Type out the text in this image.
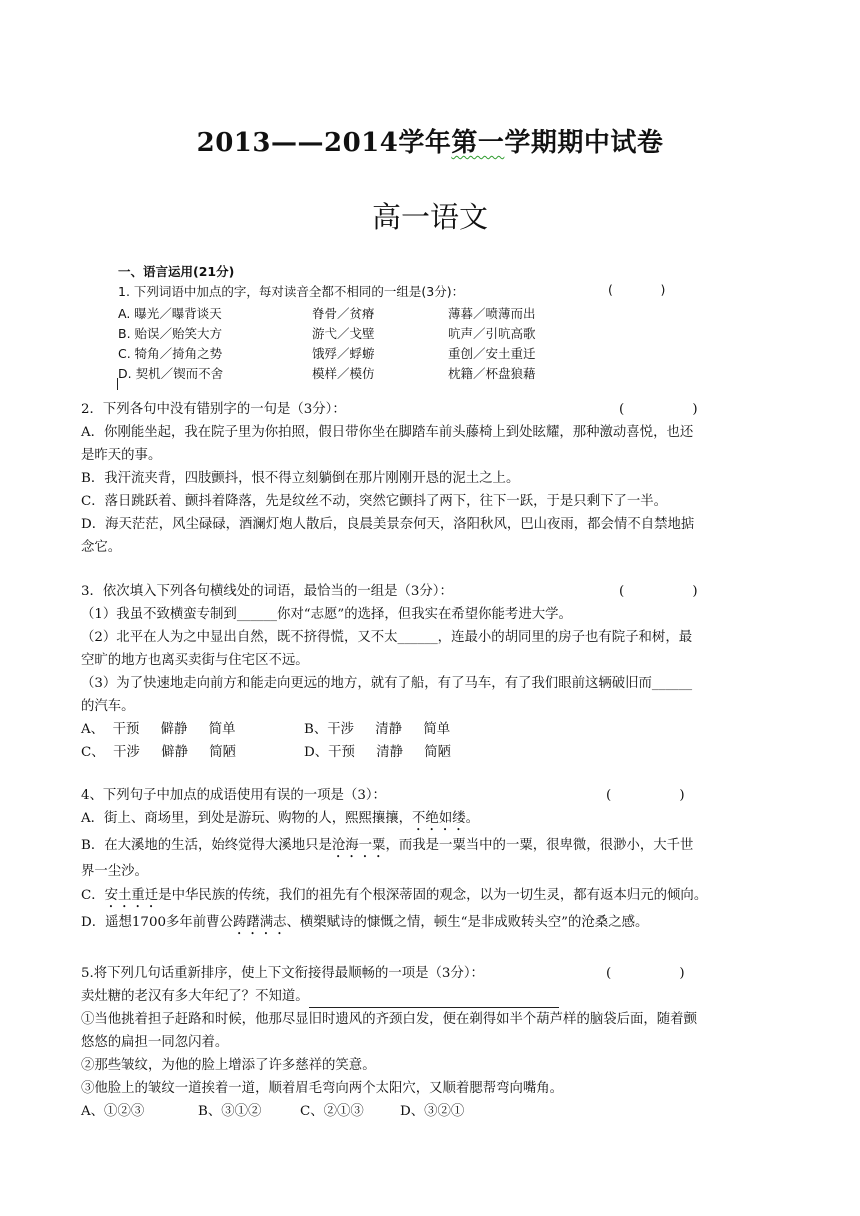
2013——2014学年第一学期期中试卷
高一语文
一、语言运用(21分)
1. 下列词语中加点的字，每对读音全都不相同的一组是(3分)：	(            )
A. 曝光／曝背谈天	脊骨／贫瘠	薄暮／喷薄而出
B. 贻误／贻笑大方	游弋／戈壁	吭声／引吭高歌
C. 犄角／掎角之势	饿殍／蜉蝣	重创／安土重迁
D. 契机／锲而不舍	模样／模仿	枕籍／杯盘狼藉
2．下列各句中没有错别字的一句是（3分）：	(                )
A．你刚能坐起，我在院子里为你拍照，假日带你坐在脚踏车前头藤椅上到处眩耀，那种激动喜悦，也还
是昨天的事。
B．我汗流夹背，四肢颤抖，恨不得立刻躺倒在那片刚刚开恳的泥土之上。
C．落日跳跃着、颤抖着降落，先是纹丝不动，突然它颤抖了两下，往下一跃，于是只剩下了一半。
D．海天茫茫，风尘碌碌，酒澜灯炮人散后，良晨美景奈何天，洛阳秋风，巴山夜雨，都会情不自禁地掂
念它。
3．依次填入下列各句横线处的词语，最恰当的一组是（3分）：	(                )
（1）我虽不致横蛮专制到______你对“志愿”的选择，但我实在希望你能考进大学。
（2）北平在人为之中显出自然，既不挤得慌，又不太______，连最小的胡同里的房子也有院子和树，最
空旷的地方也离买卖街与住宅区不远。
（3）为了快速地走向前方和能走向更远的地方，就有了船，有了马车，有了我们眼前这辆破旧而______
的汽车。
A、  干预     僻静     简单	B、干涉     清静     简单
C、  干涉     僻静     简陋	D、干预     清静     简陋
4、下列句子中加点的成语使用有误的一项是（3）：	(                )
A．街上、商场里，到处是游玩、购物的人，熙熙攘攘，不绝如缕。
B．在大溪地的生活，始终觉得大溪地只是沧海一粟，而我是一粟当中的一粟，很卑微，很渺小，大千世
界一尘沙。
C．安土重迁是中华民族的传统，我们的祖先有个根深蒂固的观念，以为一切生灵，都有返本归元的倾向。
D．遥想1700多年前曹公踌躇满志、横槊赋诗的慷慨之情，顿生“是非成败转头空”的沧桑之感。
5.将下列几句话重新排序，使上下文衔接得最顺畅的一项是（3分）：	(                )
卖灶糖的老汉有多大年纪了？不知道。
①当他挑着担子赶路和时候，他那尽显旧时遗风的齐颈白发，便在剃得如半个葫芦样的脑袋后面，随着颤
悠悠的扁担一同忽闪着。
②那些皱纹，为他的脸上增添了许多慈祥的笑意。
③他脸上的皱纹一道挨着一道，顺着眉毛弯向两个太阳穴，又顺着腮帮弯向嘴角。
A、①②③	B、③①②	C、②①③	D、③②①
